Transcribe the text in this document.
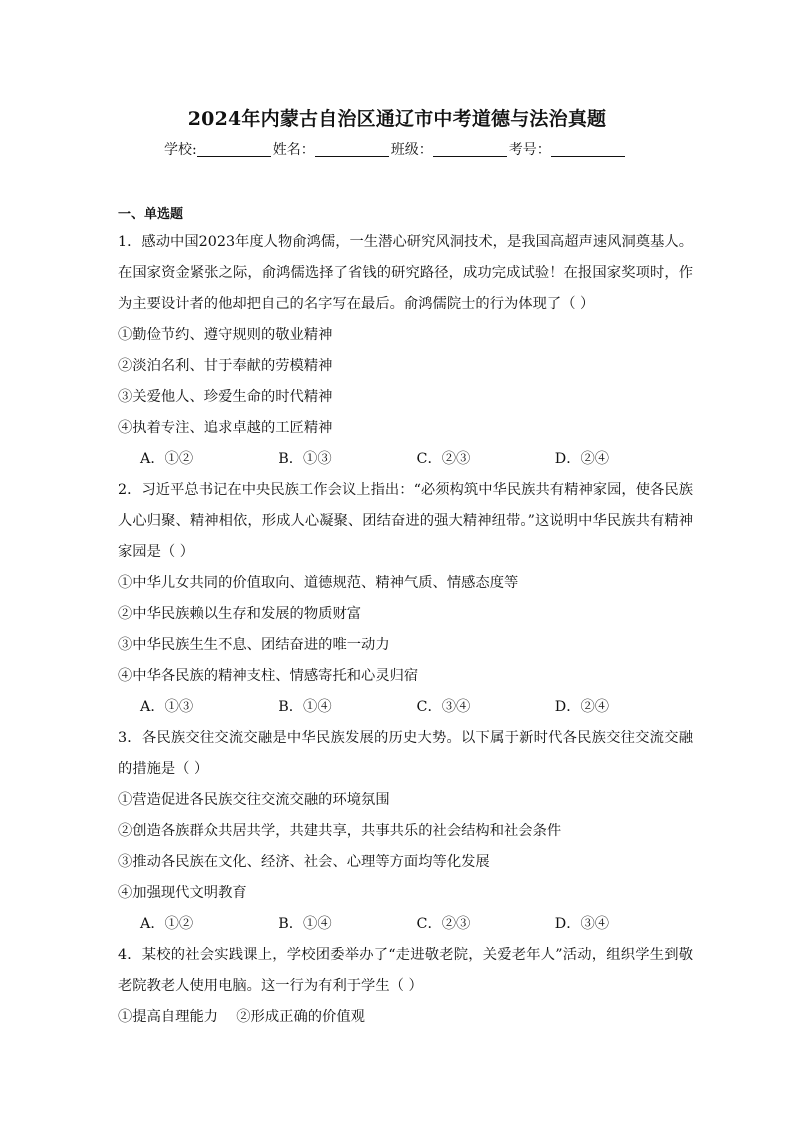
2024年内蒙古自治区通辽市中考道德与法治真题
学校:	姓名：	班级：	考号：
一、单选题

1．感动中国2023年度人物俞鸿儒，一生潜心研究风洞技术，是我国高超声速风洞奠基人。在国家资金紧张之际，俞鸿儒选择了省钱的研究路径，成功完成试验！在报国家奖项时，作为主要设计者的他却把自己的名字写在最后。俞鸿儒院士的行为体现了（ ）

①勤俭节约、遵守规则的敬业精神

②淡泊名利、甘于奉献的劳模精神

③关爱他人、珍爱生命的时代精神

④执着专注、追求卓越的工匠精神

A．①②	B．①③	C．②③	D．②④

2．习近平总书记在中央民族工作会议上指出：“必须构筑中华民族共有精神家园，使各民族人心归聚、精神相依，形成人心凝聚、团结奋进的强大精神纽带。”这说明中华民族共有精神家园是（ ）

①中华儿女共同的价值取向、道德规范、精神气质、情感态度等

②中华民族赖以生存和发展的物质财富

③中华民族生生不息、团结奋进的唯一动力

④中华各民族的精神支柱、情感寄托和心灵归宿

A．①③	B．①④	C．③④	D．②④

3．各民族交往交流交融是中华民族发展的历史大势。以下属于新时代各民族交往交流交融的措施是（ ）

①营造促进各民族交往交流交融的环境氛围

②创造各族群众共居共学，共建共享，共事共乐的社会结构和社会条件

③推动各民族在文化、经济、社会、心理等方面均等化发展

④加强现代文明教育

A．①②	B．①④	C．②③	D．③④

4．某校的社会实践课上，学校团委举办了“走进敬老院，关爱老年人”活动，组织学生到敬老院教老人使用电脑。这一行为有利于学生（ ）

①提高自理能力    ②形成正确的价值观
